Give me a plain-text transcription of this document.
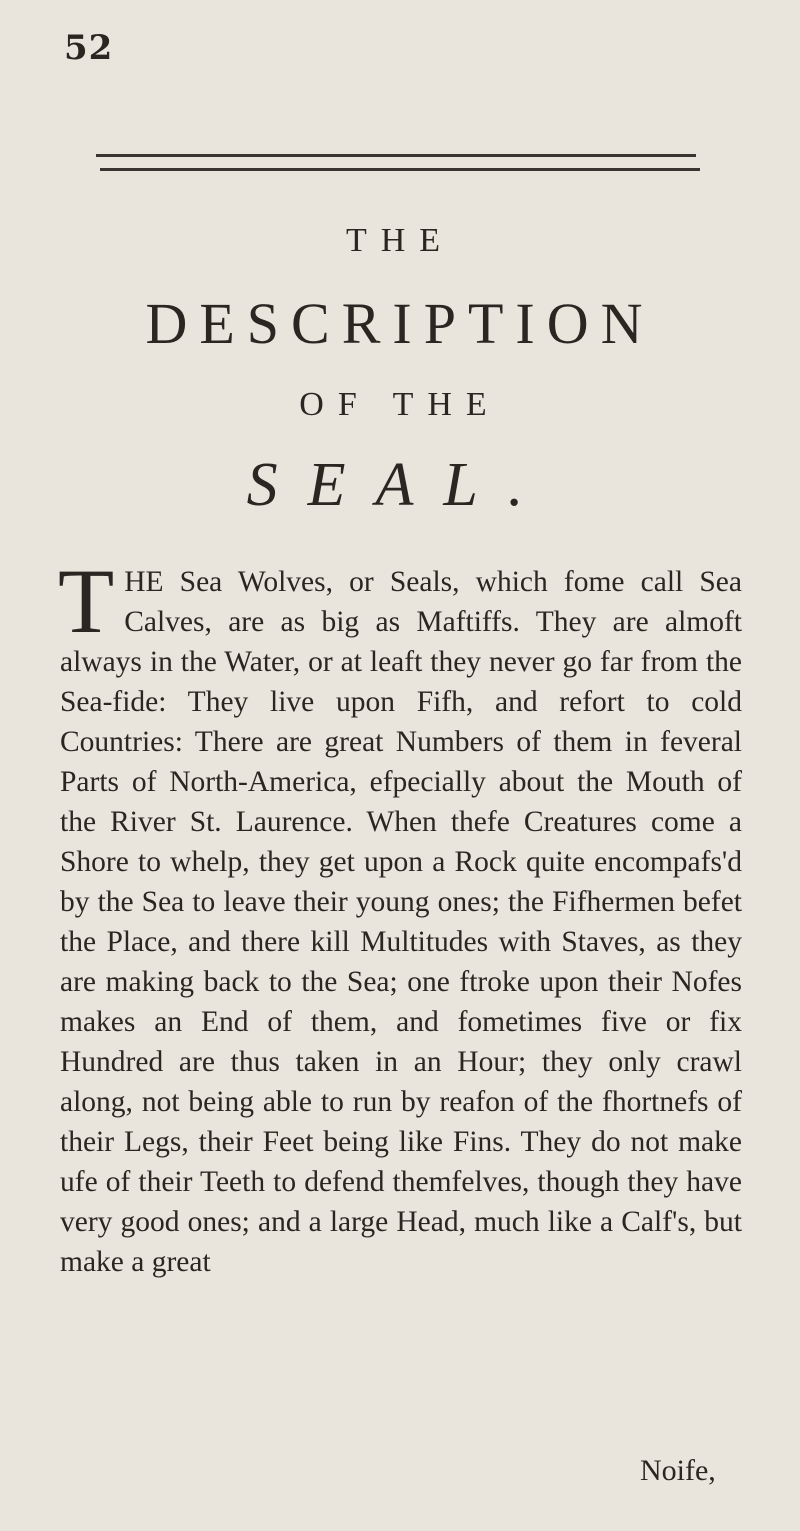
52
THE
DESCRIPTION
OF THE
SEAL.
T HE Sea Wolves, or Seals, which fome call Sea Calves, are as big as Maftiffs. They are almoft always in the Water, or at leaft they never go far from the Sea-fide: They live upon Fifh, and refort to cold Countries: There are great Numbers of them in feveral Parts of North-America, efpecially about the Mouth of the River St. Laurence. When thefe Creatures come a Shore to whelp, they get upon a Rock quite encompafs'd by the Sea to leave their young ones; the Fifhermen befet the Place, and there kill Multitudes with Staves, as they are making back to the Sea; one ftroke upon their Nofes makes an End of them, and fometimes five or fix Hundred are thus taken in an Hour; they only crawl along, not being able to run by reafon of the fhortnefs of their Legs, their Feet being like Fins. They do not make ufe of their Teeth to defend themfelves, though they have very good ones; and a large Head, much like a Calf's, but make a great
Noife,
